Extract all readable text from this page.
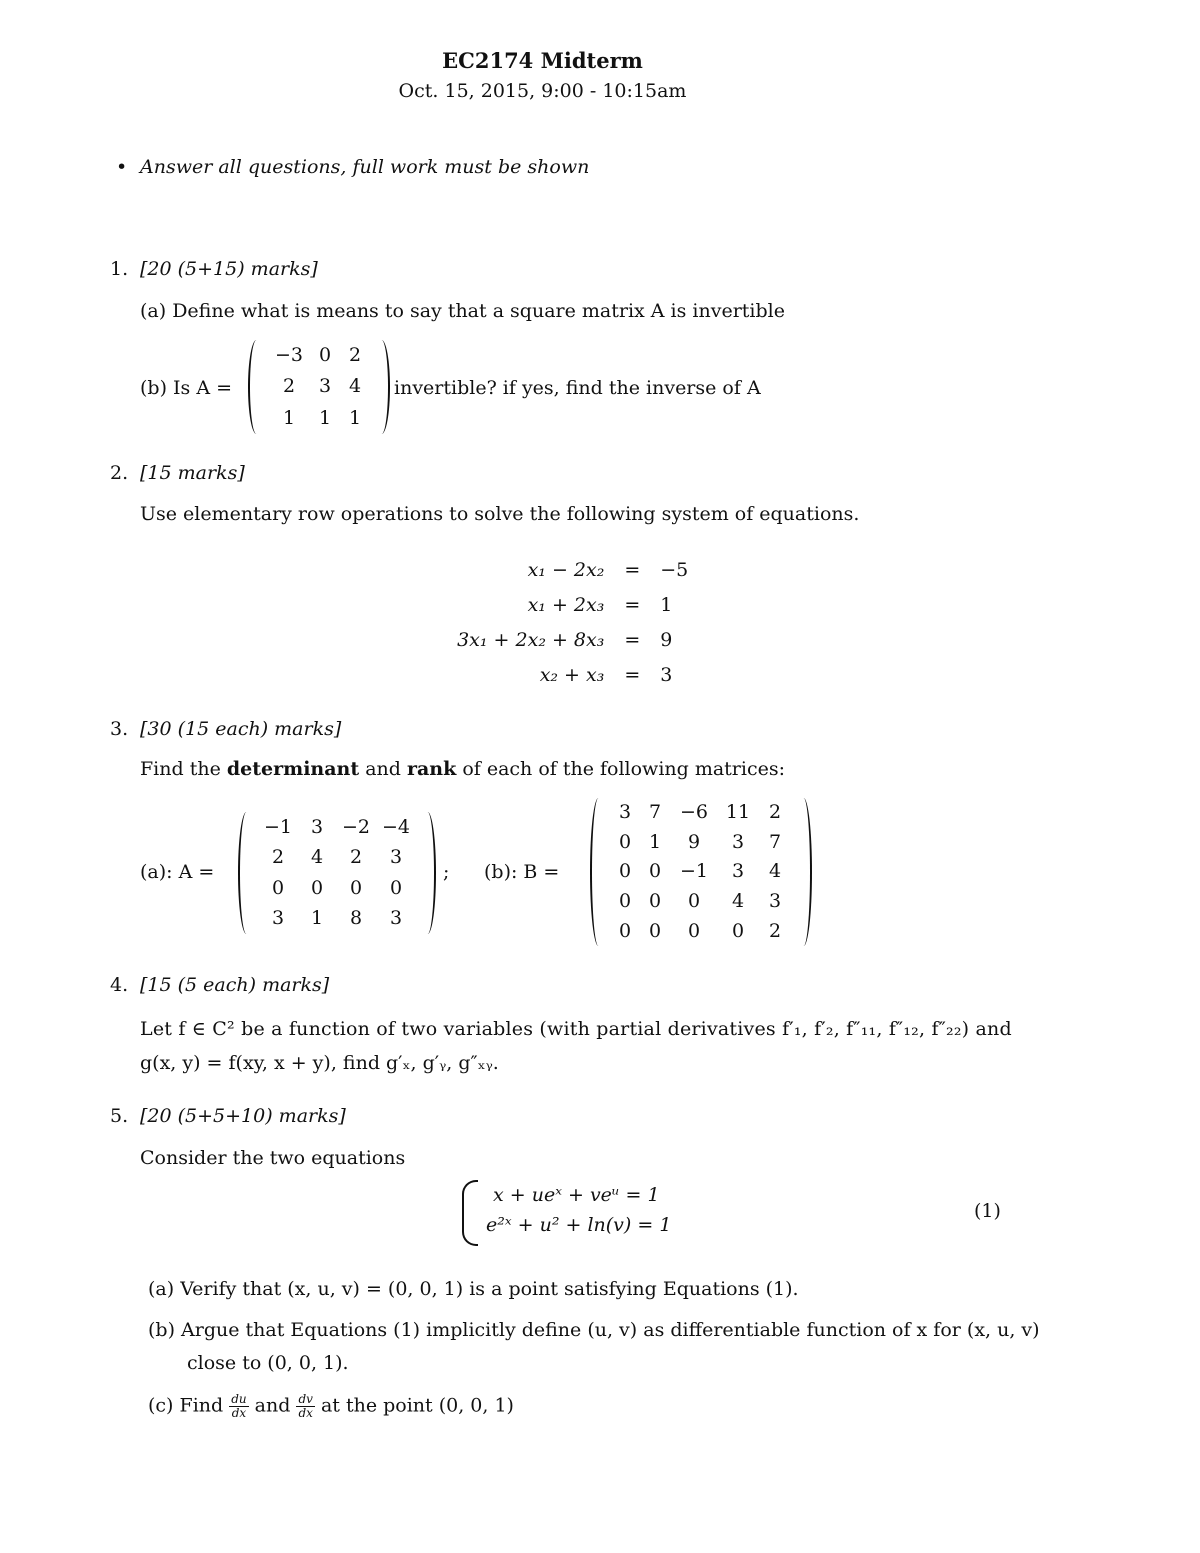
EC2174 Midterm
Oct. 15, 2015, 9:00 - 10:15am
• Answer all questions, full work must be shown
1. [20 (5+15) marks]
(a) Define what is means to say that a square matrix A is invertible
(b) Is A =
−3 0 2
2	3 4
1	1 1
invertible? if yes, find the inverse of A
2. [15 marks]
Use elementary row operations to solve the following system of equations.
x₁ − 2x₂	=	−5
x₁ + 2x₃	=	1
3x₁ + 2x₂ + 8x₃	=	9
x₂ + x₃	=	3
3. [30 (15 each) marks]
Find the determinant and rank of each of the following matrices:
(a): A =
−1 3 −2 −4
2	4	2	3
0	0	0	0
3	1	8	3
; (b): B =
3 7 −6 11 2
0 1	9	3	7
0 0 −1	3	4
0 0	0	4	3
0 0	0	0	2
4. [15 (5 each) marks]
Let f ∈ C² be a function of two variables (with partial derivatives f′₁, f′₂, f″₁₁, f″₁₂, f″₂₂) and
g(x, y) = f(xy, x + y), find g′ₓ, g′ᵧ, g″ₓᵧ.
5. [20 (5+5+10) marks]
Consider the two equations
x + ueˣ + veᵘ = 1
e²ˣ + u² + ln(v) = 1
(1)
(a) Verify that (x, u, v) = (0, 0, 1) is a point satisfying Equations (1).
(b) Argue that Equations (1) implicitly define (u, v) as differentiable function of x for (x, u, v)
close to (0, 0, 1).
(c) Find $\frac{du}{dx}$ and $\frac{dv}{dx}$ at the point (0, 0, 1)
